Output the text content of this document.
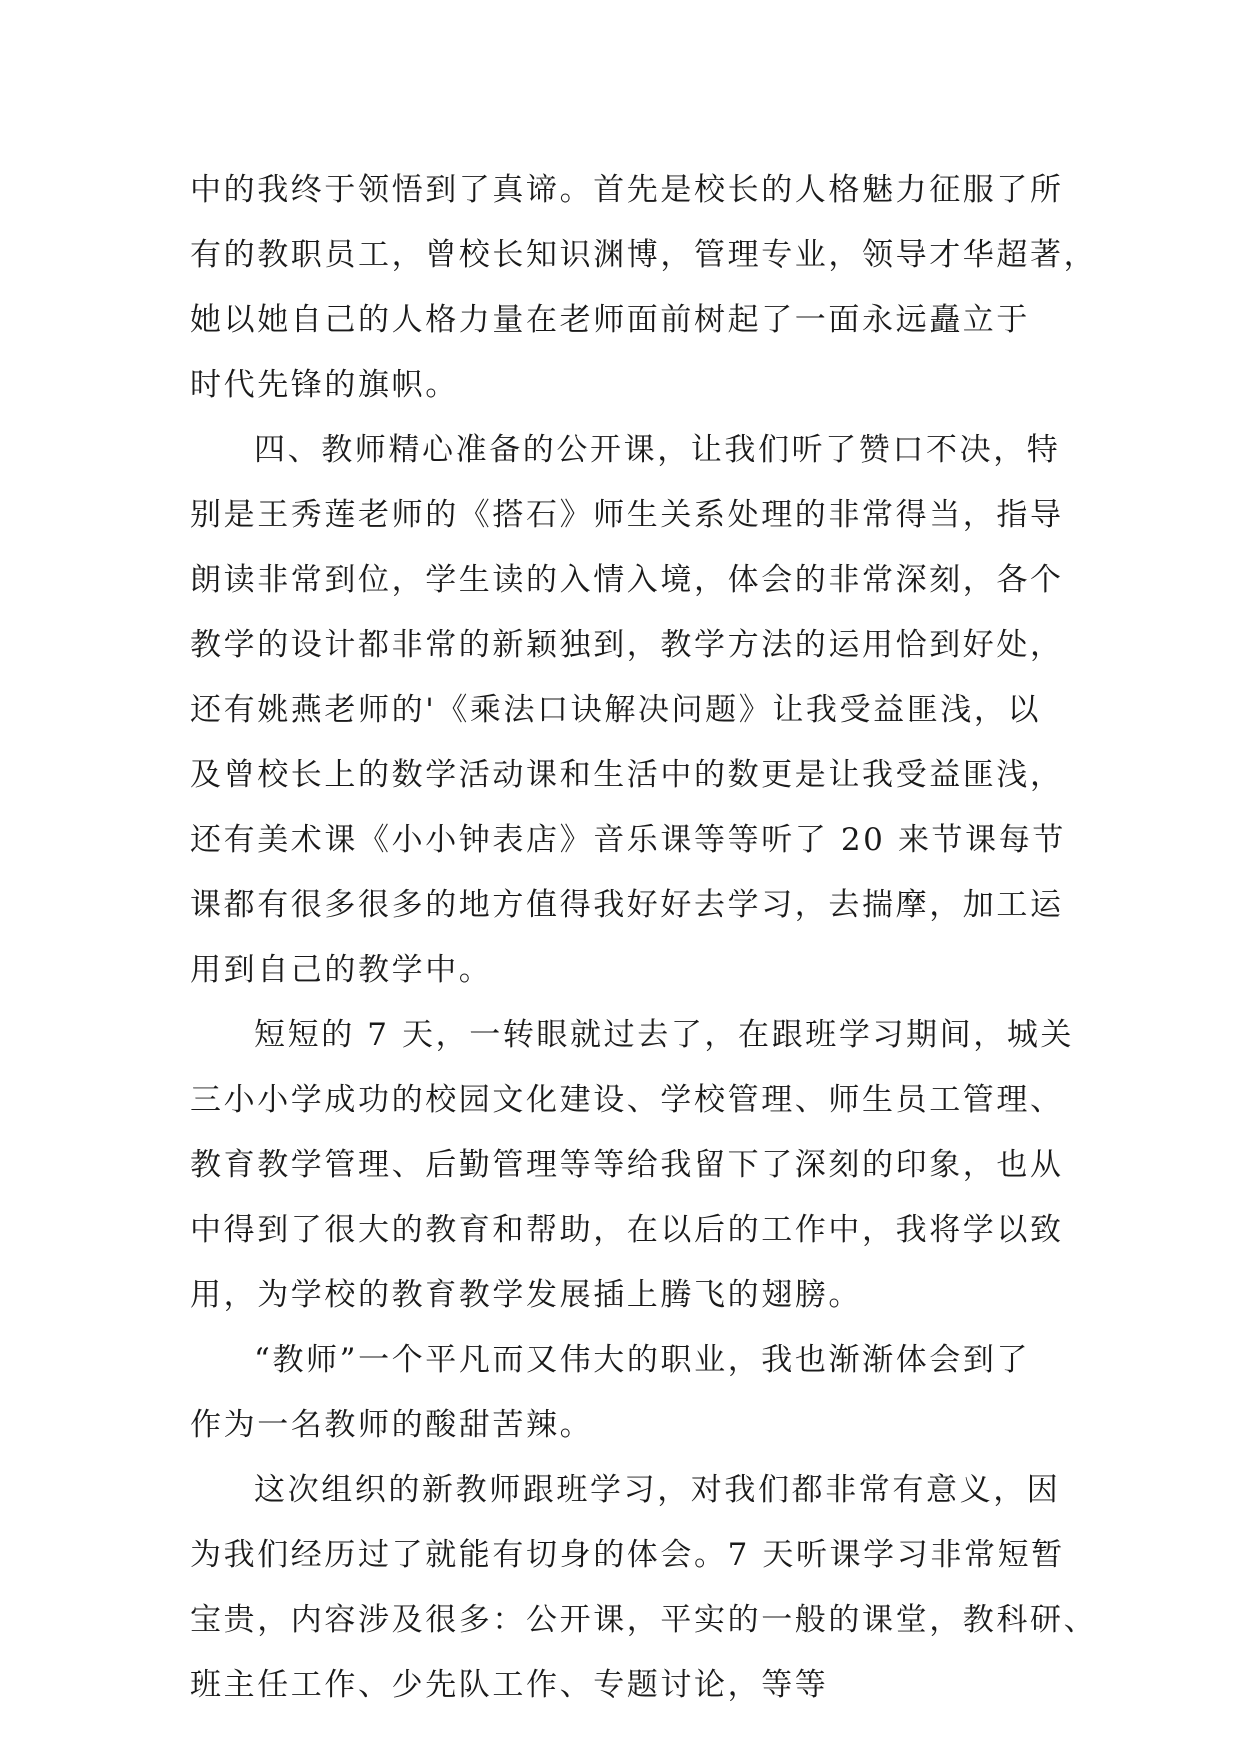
中的我终于领悟到了真谛。首先是校长的人格魅力征服了所

有的教职员工，曾校长知识渊博，管理专业，领导才华超著，

她以她自己的人格力量在老师面前树起了一面永远矗立于

时代先锋的旗帜。

四、教师精心准备的公开课，让我们听了赞口不决，特

别是王秀莲老师的《搭石》师生关系处理的非常得当，指导

朗读非常到位，学生读的入情入境，体会的非常深刻，各个

教学的设计都非常的新颖独到，教学方法的运用恰到好处，

还有姚燕老师的'《乘法口诀解决问题》让我受益匪浅，以

及曾校长上的数学活动课和生活中的数更是让我受益匪浅，

还有美术课《小小钟表店》音乐课等等听了 20 来节课每节

课都有很多很多的地方值得我好好去学习，去揣摩，加工运

用到自己的教学中。

短短的 7 天，一转眼就过去了，在跟班学习期间，城关

三小小学成功的校园文化建设、学校管理、师生员工管理、

教育教学管理、后勤管理等等给我留下了深刻的印象，也从

中得到了很大的教育和帮助，在以后的工作中，我将学以致

用，为学校的教育教学发展插上腾飞的翅膀。

“教师”一个平凡而又伟大的职业，我也渐渐体会到了

作为一名教师的酸甜苦辣。

这次组织的新教师跟班学习，对我们都非常有意义，因

为我们经历过了就能有切身的体会。7 天听课学习非常短暂

宝贵，内容涉及很多：公开课，平实的一般的课堂，教科研、

班主任工作、少先队工作、专题讨论，等等
